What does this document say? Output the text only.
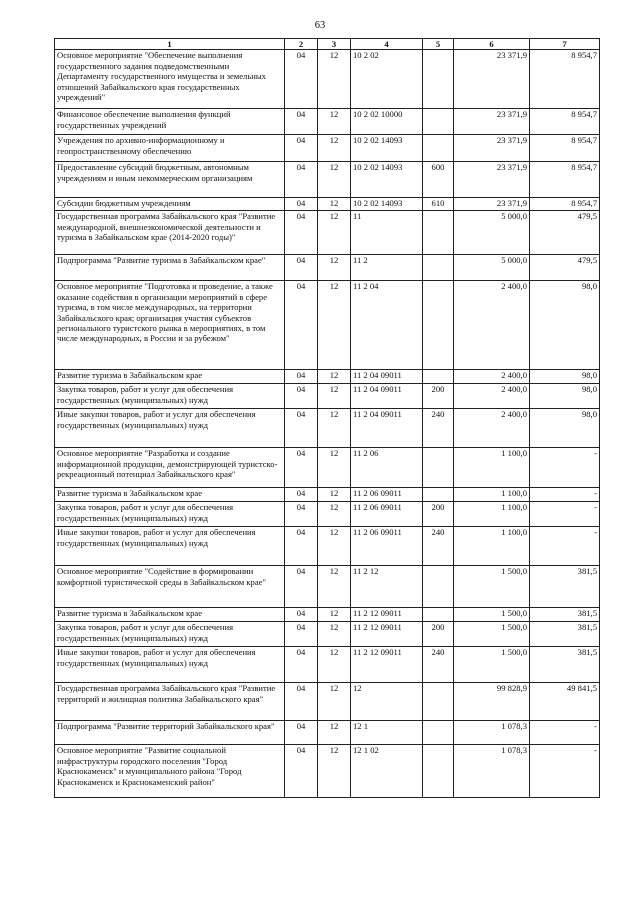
63
1	2	3	4	5	6	7
Основное мероприятие "Обеспечение выполнения государственного задания подведомственными Департаменту государственного имущества и земельных отношений Забайкальского края государственных учреждений"	04	12	10 2 02		23 371,9	8 954,7
Финансовое обеспечение выполнения функций государственных учреждений	04	12	10 2 02 10000		23 371,9	8 954,7
Учреждения по архивно-информационному и геопространственному обеспечению	04	12	10 2 02 14093		23 371,9	8 954,7
Предоставление субсидий бюджетным, автономным учреждениям и иным некоммерческим организациям	04	12	10 2 02 14093	600	23 371,9	8 954,7
Субсидии бюджетным учреждениям	04	12	10 2 02 14093	610	23 371,9	8 954,7
Государственная программа Забайкальского края "Развитие международной, внешнеэкономической деятельности и туризма в Забайкальском крае (2014-2020 годы)"	04	12	11		5 000,0	479,5
Подпрограмма "Развитие туризма в Забайкальском крае"	04	12	11 2		5 000,0	479,5
Основное мероприятие "Подготовка и проведение, а также оказание содействия в организации мероприятий в сфере туризма, в том числе международных, на территории Забайкальского края; организация участия субъектов регионального туристского рынка в мероприятиях, в том числе международных, в России и за рубежом"	04	12	11 2 04		2 400,0	98,0
Развитие туризма в Забайкальском крае	04	12	11 2 04 09011		2 400,0	98,0
Закупка товаров, работ и услуг для обеспечения государственных (муниципальных) нужд	04	12	11 2 04 09011	200	2 400,0	98,0
Иные закупки товаров, работ и услуг для обеспечения государственных (муниципальных) нужд	04	12	11 2 04 09011	240	2 400,0	98,0
Основное мероприятие "Разработка и создание информационной продукции, демонстрирующей туристско-рекреационный потенциал Забайкальского края"	04	12	11 2 06		1 100,0	-
Развитие туризма в Забайкальском крае	04	12	11 2 06 09011		1 100,0	-
Закупка товаров, работ и услуг для обеспечения государственных (муниципальных) нужд	04	12	11 2 06 09011	200	1 100,0	-
Иные закупки товаров, работ и услуг для обеспечения государственных (муниципальных) нужд	04	12	11 2 06 09011	240	1 100,0	-
Основное мероприятие "Содействие в формировании комфортной туристической среды в Забайкальском крае"	04	12	11 2 12		1 500,0	381,5
Развитие туризма в Забайкальском крае	04	12	11 2 12 09011		1 500,0	381,5
Закупка товаров, работ и услуг для обеспечения государственных (муниципальных) нужд	04	12	11 2 12 09011	200	1 500,0	381,5
Иные закупки товаров, работ и услуг для обеспечения государственных (муниципальных) нужд	04	12	11 2 12 09011	240	1 500,0	381,5
Государственная программа Забайкальского края "Развитие территорий и жилищная политика Забайкальского края"	04	12	12		99 828,9	49 841,5
Подпрограмма "Развитие территорий Забайкальского края"	04	12	12 1		1 078,3	-
Основное мероприятие "Развитие социальной инфраструктуры городского поселения "Город Краснокаменск" и муниципального района "Город Краснокаменск и Краснокаменский район"	04	12	12 1 02		1 078,3	-
